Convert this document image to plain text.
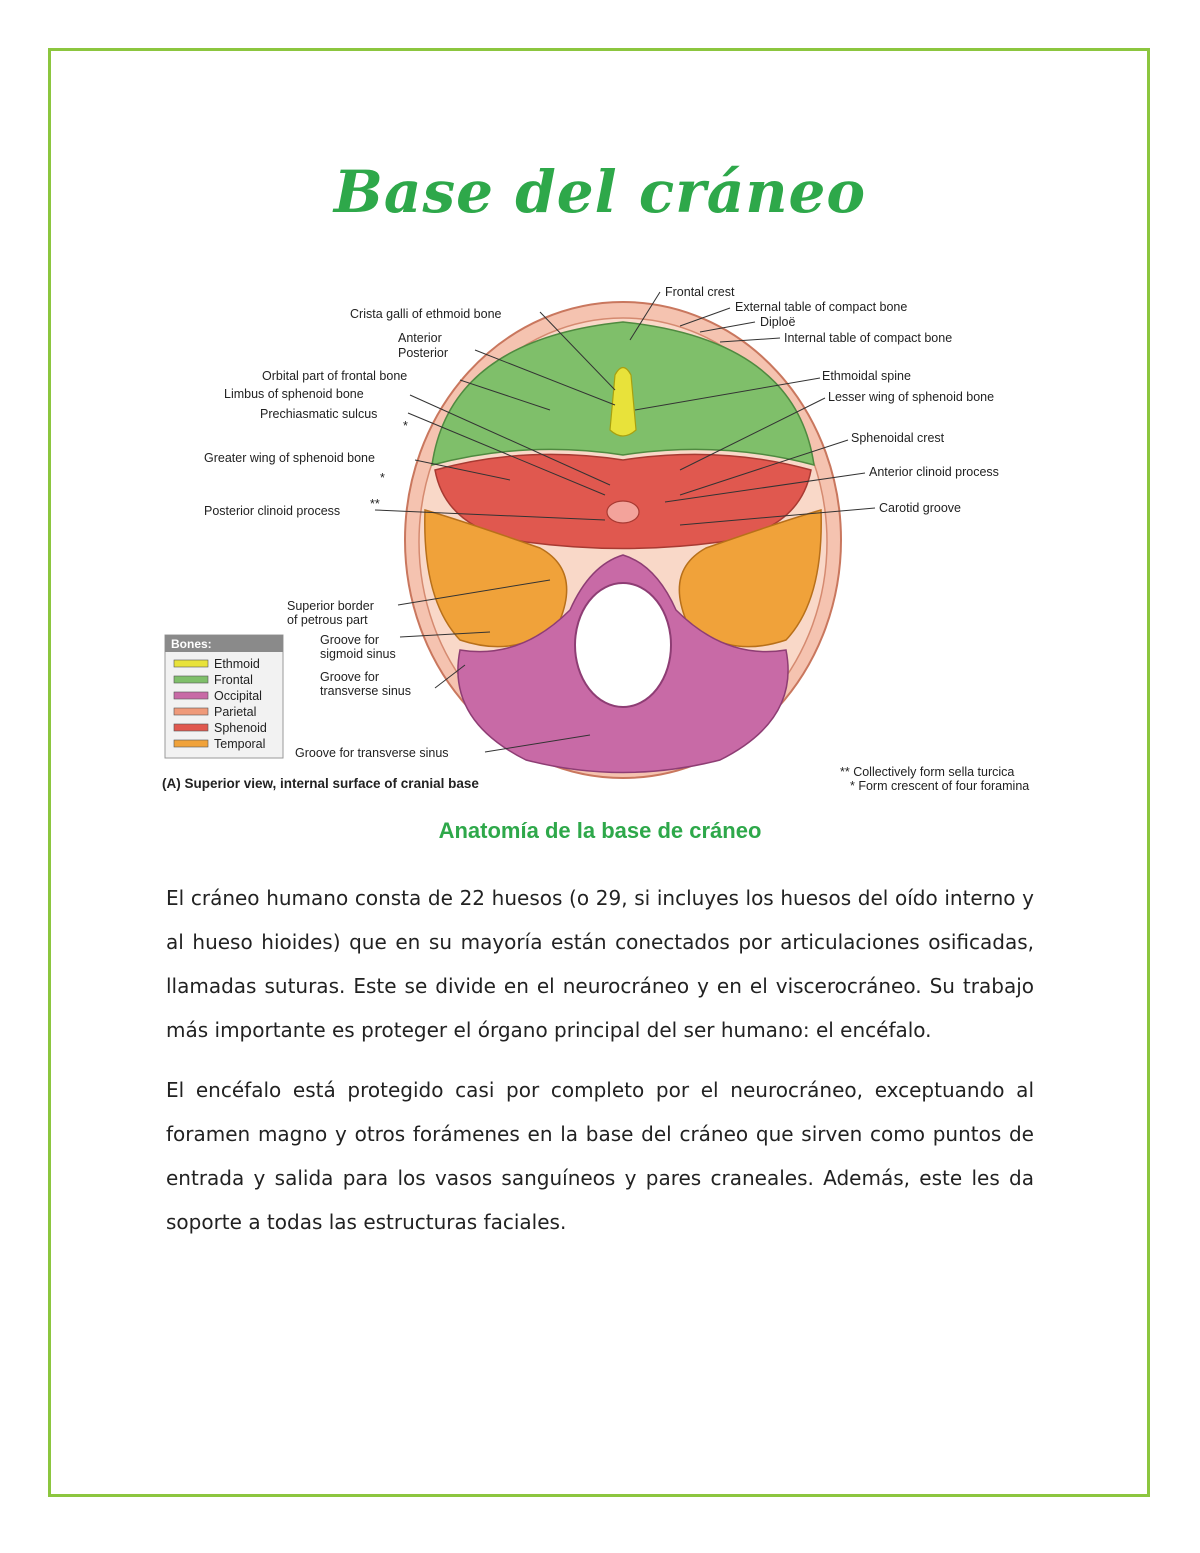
Base del cráneo
Crista galli of ethmoid bone
Anterior
Posterior
Orbital part of frontal bone
Limbus of sphenoid bone
Prechiasmatic sulcus
*
Greater wing of sphenoid bone
*
Posterior clinoid process **
Superior border
of petrous part
Groove for
sigmoid sinus
Groove for
transverse sinus
Groove for transverse sinus
Frontal crest
External table of compact bone
Diploë
Internal table of compact bone
Ethmoidal spine
Lesser wing of sphenoid bone
Sphenoidal crest
Anterior clinoid process
Carotid groove
Bones:
Ethmoid
Frontal
Occipital
Parietal
Sphenoid
Temporal
(A) Superior view, internal surface of cranial base
** Collectively form sella turcica
* Form crescent of four foramina
Anatomía de la base de cráneo

El cráneo humano consta de 22 huesos (o 29, si incluyes los huesos del oído interno y al hueso hioides) que en su mayoría están conectados por articulaciones osificadas, llamadas suturas. Este se divide en el neurocráneo y en el viscerocráneo. Su trabajo más importante es proteger el órgano principal del ser humano: el encéfalo.

El encéfalo está protegido casi por completo por el neurocráneo, exceptuando al foramen magno y otros forámenes en la base del cráneo que sirven como puntos de entrada y salida para los vasos sanguíneos y pares craneales. Además, este les da soporte a todas las estructuras faciales.
